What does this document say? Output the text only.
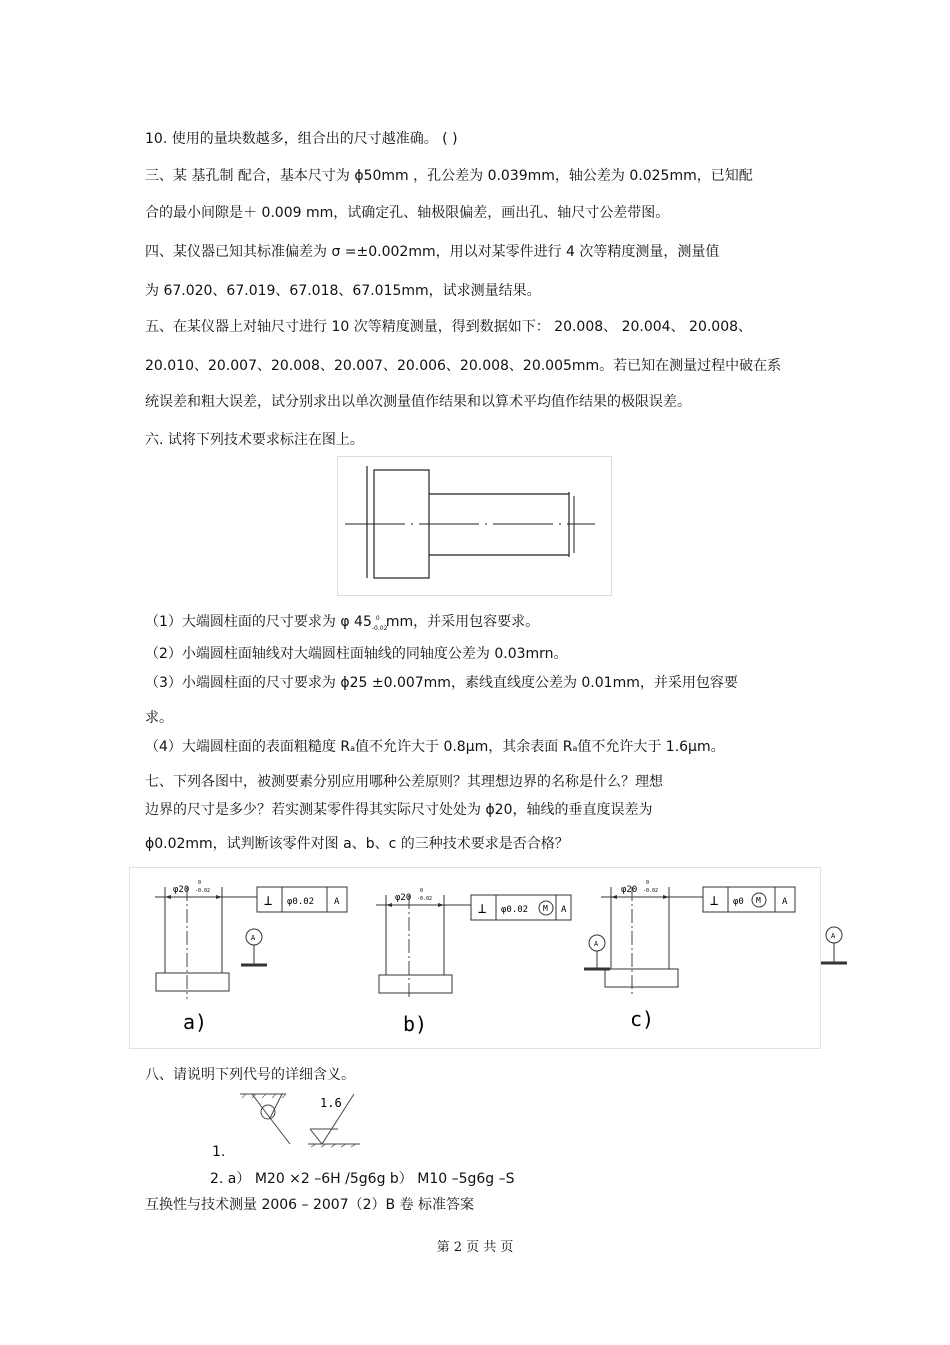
10. 使用的量块数越多，组合出的尺寸越准确。 ( )
三、某 基孔制 配合，基本尺寸为 ϕ50mm ，孔公差为 0.039mm，轴公差为 0.025mm，已知配
合的最小间隙是＋ 0.009 mm，试确定孔、轴极限偏差，画出孔、轴尺寸公差带图。
四、某仪器已知其标准偏差为 σ =±0.002mm，用以对某零件进行 4 次等精度测量，测量值
为 67.020、67.019、67.018、67.015mm，试求测量结果。
五、在某仪器上对轴尺寸进行 10 次等精度测量，得到数据如下： 20.008、 20.004、 20.008、
20.010、20.007、20.008、20.007、20.006、20.008、20.005mm。若已知在测量过程中破在系
统误差和粗大误差，试分别求出以单次测量值作结果和以算术平均值作结果的极限误差。
六. 试将下列技术要求标注在图上。
（1）大端圆柱面的尺寸要求为 φ 45 0
-0.02
mm，并采用包容要求。
（2）小端圆柱面轴线对大端圆柱面轴线的同轴度公差为 0.03mrn。
（3）小端圆柱面的尺寸要求为 ϕ25 ±0.007mm，素线直线度公差为 0.01mm，并采用包容要
求。
（4）大端圆柱面的表面粗糙度 Ra值不允许大于 0.8μm，其余表面 Ra值不允许大于 1.6μm。
七、下列各图中，被测要素分别应用哪种公差原则？其理想边界的名称是什么？理想
边界的尺寸是多少？若实测某零件得其实际尺寸处处为 ϕ20，轴线的垂直度误差为
ϕ0.02mm，试判断该零件对图 a、b、c 的三种技术要求是否合格？
φ20
0
-0.02
⊥ φ0.02 A
A
a)
φ20
0
-0.02
⊥ φ0.02 M A
A
b)
φ20
0
-0.02
⊥ φ0 M A
A
c)
八、请说明下列代号的详细含义。
1.6
1.
2. a） M20 ×2 –6H /5g6g b） M10 –5g6g –S
互换性与技术测量 2006 – 2007（2）B 卷 标准答案
第 2 页 共 页
